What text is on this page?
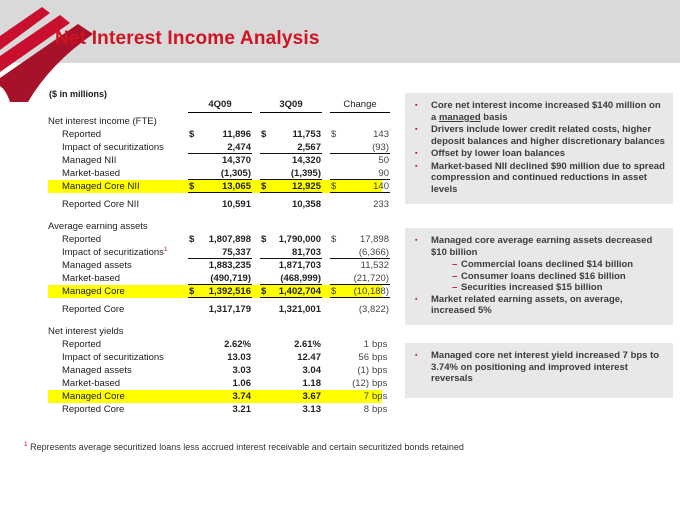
Net Interest Income Analysis
($ in millions)
4Q09	3Q09	Change
Net interest income (FTE)
Reported	$	11,896 $	11,753 $	143
Impact of securitizations	2,474	2,567	(93)
Managed NII	14,370	14,320	50
Market-based	(1,305)	(1,395)	90
Managed Core NII	$	13,065 $	12,925 $	140
Reported Core NII	10,591	10,358	233
Average earning assets
Reported	$ 1,807,898 $ 1,790,000 $ 17,898
Impact of securitizations$^1$	75,337	81,703	(6,366)
Managed assets	1,883,235	1,871,703	11,532
Market-based	(490,719)	(468,999)	(21,720)
Managed Core	$ 1,392,516 $ 1,402,704 $ (10,188)
Reported Core	1,317,179	1,321,001	(3,822)
Net interest yields
Reported	2.62%	2.61%	1 bps
Impact of securitizations	13.03	12.47	56 bps
Managed assets	3.03	3.04	(1) bps
Market-based	1.06	1.18	(12) bps
Managed Core	3.74	3.67	7 bps
Reported Core	3.21	3.13	8 bps
▪	Core net interest income increased $140 million on a managed basis
▪	Drivers include lower credit related costs, higher deposit balances and higher discretionary balances
▪	Offset by lower loan balances
▪	Market-based NII declined $90 million due to spread compression and continued reductions in asset levels
▪	Managed core average earning assets decreased $10 billion
– Commercial loans declined $14 billion
– Consumer loans declined $16 billion
– Securities increased $15 billion
▪	Market related earning assets, on average, increased 5%
▪	Managed core net interest yield increased 7 bps to 3.74% on positioning and improved interest reversals
$^1$ Represents average securitized loans less accrued interest receivable and certain securitized bonds retained
